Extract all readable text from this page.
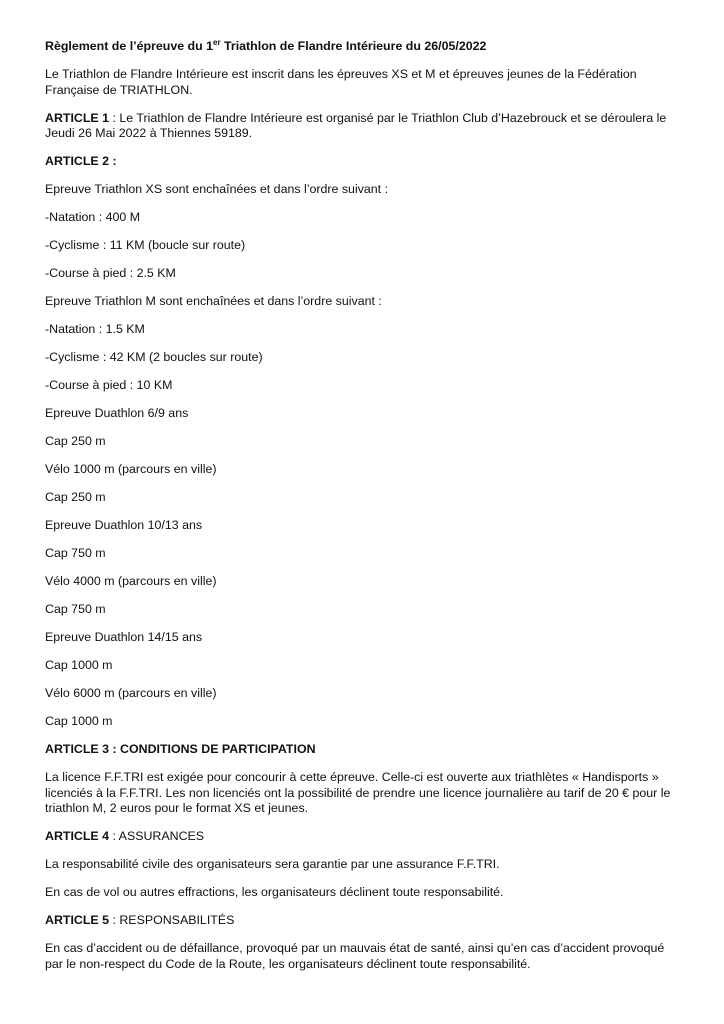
Règlement de l’épreuve du 1er Triathlon de Flandre Intérieure du 26/05/2022

Le Triathlon de Flandre Intérieure est inscrit dans les épreuves XS et M et épreuves jeunes de la Fédération Française de TRIATHLON.

ARTICLE 1 : Le Triathlon de Flandre Intérieure est organisé par le Triathlon Club d’Hazebrouck et se déroulera le Jeudi 26 Mai 2022 à Thiennes 59189.

ARTICLE 2 :

Epreuve Triathlon XS sont enchaînées et dans l’ordre suivant :

-Natation : 400 M

-Cyclisme : 11 KM (boucle sur route)

-Course à pied : 2.5 KM

Epreuve Triathlon M sont enchaînées et dans l’ordre suivant :

-Natation : 1.5 KM

-Cyclisme : 42 KM (2 boucles sur route)

-Course à pied : 10 KM

Epreuve Duathlon 6/9 ans

Cap 250 m

Vélo 1000 m (parcours en ville)

Cap 250 m

Epreuve Duathlon 10/13 ans

Cap 750 m

Vélo 4000 m (parcours en ville)

Cap 750 m

Epreuve Duathlon 14/15 ans

Cap 1000 m

Vélo 6000 m (parcours en ville)

Cap 1000 m

ARTICLE 3 : CONDITIONS DE PARTICIPATION

La licence F.F.TRI est exigée pour concourir à cette épreuve. Celle-ci est ouverte aux triathlètes « Handisports » licenciés à la F.F.TRI. Les non licenciés ont la possibilité de prendre une licence journalière au tarif de 20 € pour le triathlon M, 2 euros pour le format XS et jeunes.

ARTICLE 4 : ASSURANCES

La responsabilité civile des organisateurs sera garantie par une assurance F.F.TRI.

En cas de vol ou autres effractions, les organisateurs déclinent toute responsabilité.

ARTICLE 5 : RESPONSABILITÉS

En cas d’accident ou de défaillance, provoqué par un mauvais état de santé, ainsi qu’en cas d’accident provoqué par le non-respect du Code de la Route, les organisateurs déclinent toute responsabilité.
